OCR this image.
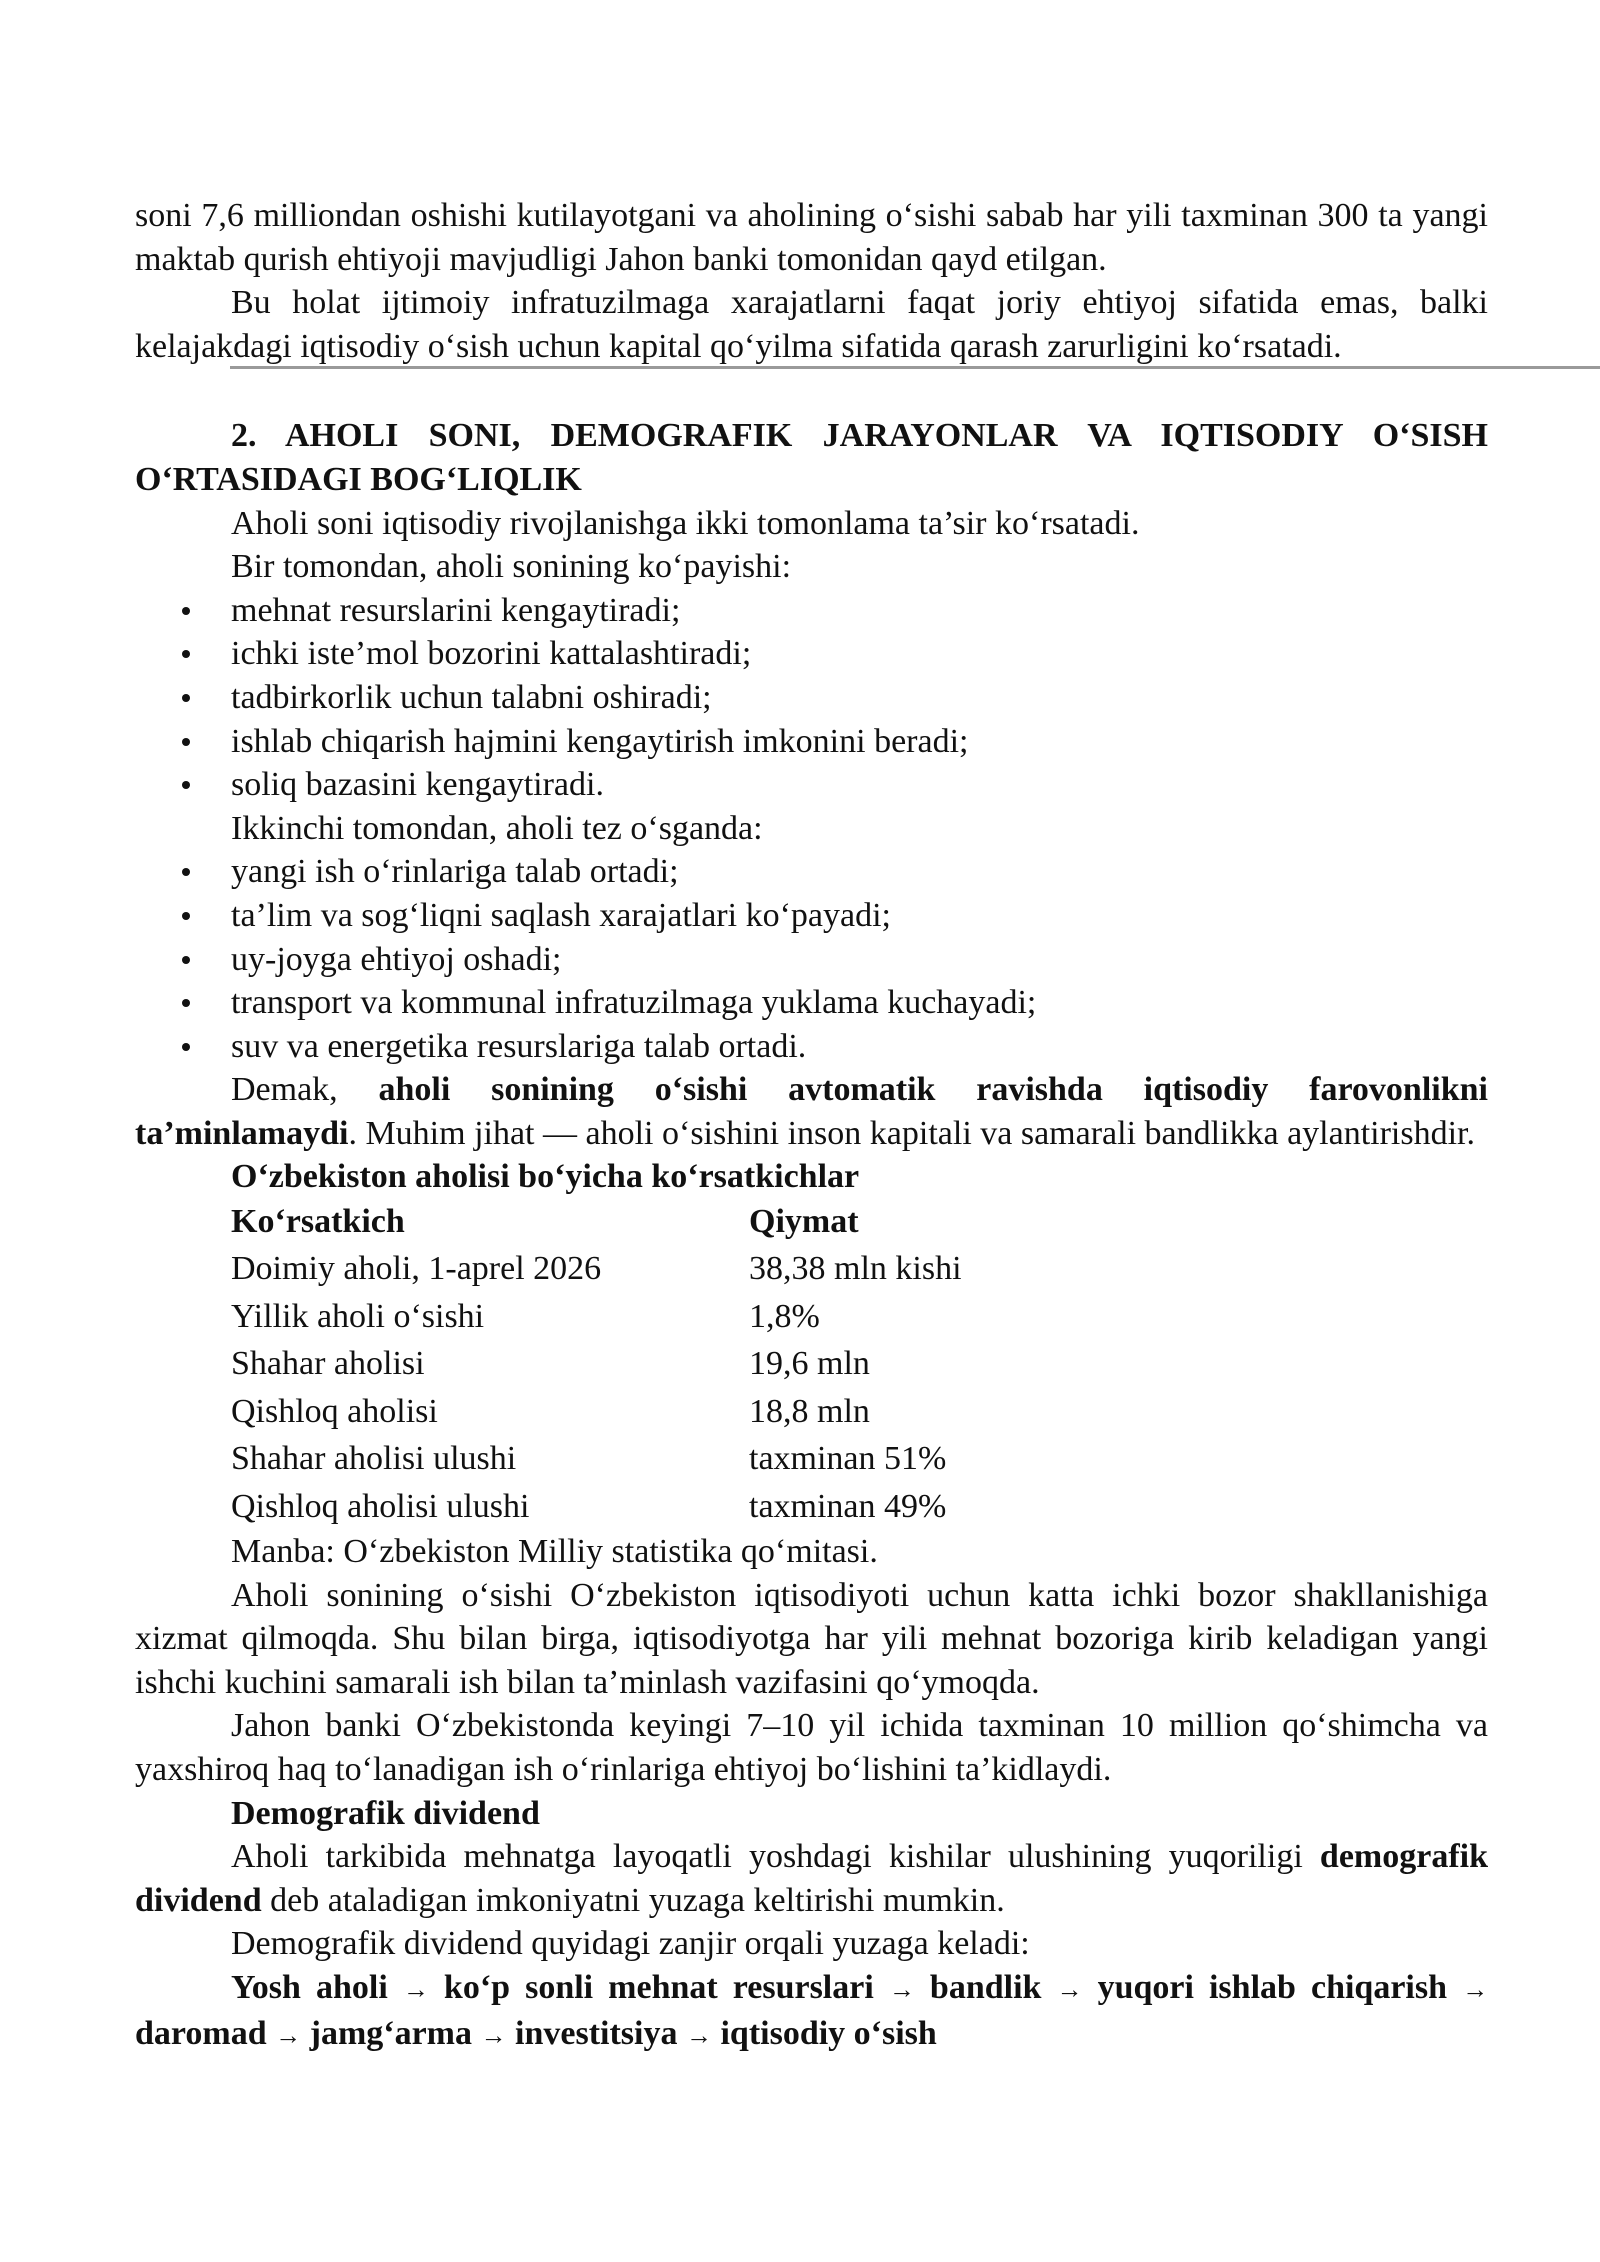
soni 7,6 milliondan oshishi kutilayotgani va aholining o‘sishi sabab har yili taxminan 300 ta yangi maktab qurish ehtiyoji mavjudligi Jahon banki tomonidan qayd etilgan.

Bu holat ijtimoiy infratuzilmaga xarajatlarni faqat joriy ehtiyoj sifatida emas, balki kelajakdagi iqtisodiy o‘sish uchun kapital qo‘yilma sifatida qarash zarurligini ko‘rsatadi.

2. AHOLI SONI, DEMOGRAFIK JARAYONLAR VA IQTISODIY O‘SISH O‘RTASIDAGI BOG‘LIQLIK

Aholi soni iqtisodiy rivojlanishga ikki tomonlama ta’sir ko‘rsatadi.

Bir tomondan, aholi sonining ko‘payishi:

mehnat resurslarini kengaytiradi;
ichki iste’mol bozorini kattalashtiradi;
tadbirkorlik uchun talabni oshiradi;
ishlab chiqarish hajmini kengaytirish imkonini beradi;
soliq bazasini kengaytiradi.

Ikkinchi tomondan, aholi tez o‘sganda:

yangi ish o‘rinlariga talab ortadi;
ta’lim va sog‘liqni saqlash xarajatlari ko‘payadi;
uy-joyga ehtiyoj oshadi;
transport va kommunal infratuzilmaga yuklama kuchayadi;
suv va energetika resurslariga talab ortadi.

Demak, aholi sonining o‘sishi avtomatik ravishda iqtisodiy farovonlikni ta’minlamaydi. Muhim jihat — aholi o‘sishini inson kapitali va samarali bandlikka aylantirishdir.

O‘zbekiston aholisi bo‘yicha ko‘rsatkichlar

Ko‘rsatkich	Qiymat
Doimiy aholi, 1-aprel 2026	38,38 mln kishi
Yillik aholi o‘sishi	1,8%
Shahar aholisi	19,6 mln
Qishloq aholisi	18,8 mln
Shahar aholisi ulushi	taxminan 51%
Qishloq aholisi ulushi	taxminan 49%

Manba: O‘zbekiston Milliy statistika qo‘mitasi.

Aholi sonining o‘sishi O‘zbekiston iqtisodiyoti uchun katta ichki bozor shakllanishiga xizmat qilmoqda. Shu bilan birga, iqtisodiyotga har yili mehnat bozoriga kirib keladigan yangi ishchi kuchini samarali ish bilan ta’minlash vazifasini qo‘ymoqda.

Jahon banki O‘zbekistonda keyingi 7–10 yil ichida taxminan 10 million qo‘shimcha va yaxshiroq haq to‘lanadigan ish o‘rinlariga ehtiyoj bo‘lishini ta’kidlaydi.

Demografik dividend

Aholi tarkibida mehnatga layoqatli yoshdagi kishilar ulushining yuqoriligi demografik dividend deb ataladigan imkoniyatni yuzaga keltirishi mumkin.

Demografik dividend quyidagi zanjir orqali yuzaga keladi:

Yosh aholi → ko‘p sonli mehnat resurslari → bandlik → yuqori ishlab chiqarish → daromad → jamg‘arma → investitsiya → iqtisodiy o‘sish
